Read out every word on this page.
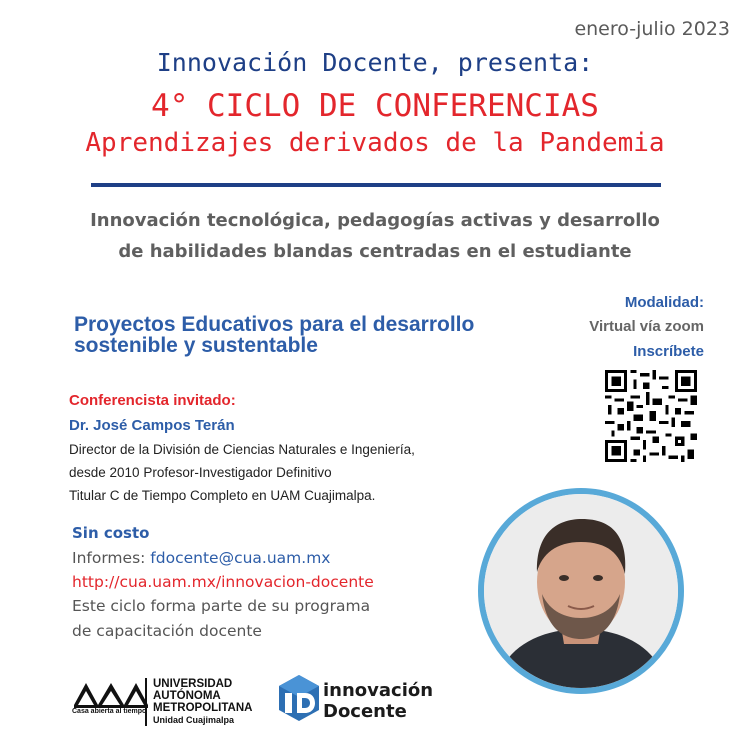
enero-julio 2023
Innovación Docente, presenta:
4° CICLO DE CONFERENCIAS
Aprendizajes derivados de la Pandemia
Innovación tecnológica, pedagogías activas y desarrollo
de habilidades blandas centradas en el estudiante
Proyectos Educativos para el desarrollo
sostenible y sustentable
Modalidad:
Virtual vía zoom
Inscríbete
Conferencista invitado:
Dr. José Campos Terán
Director de la División de Ciencias Naturales e Ingeniería,
desde 2010 Profesor-Investigador Definitivo
Titular C de Tiempo Completo en UAM Cuajimalpa.
Sin costo
Informes: fdocente@cua.uam.mx
http://cua.uam.mx/innovacion-docente
Este ciclo forma parte de su programa
de capacitación docente
Casa abierta al tiempo
UNIVERSIDAD
AUTÓNOMA
METROPOLITANA
Unidad Cuajimalpa
innovación
Docente
